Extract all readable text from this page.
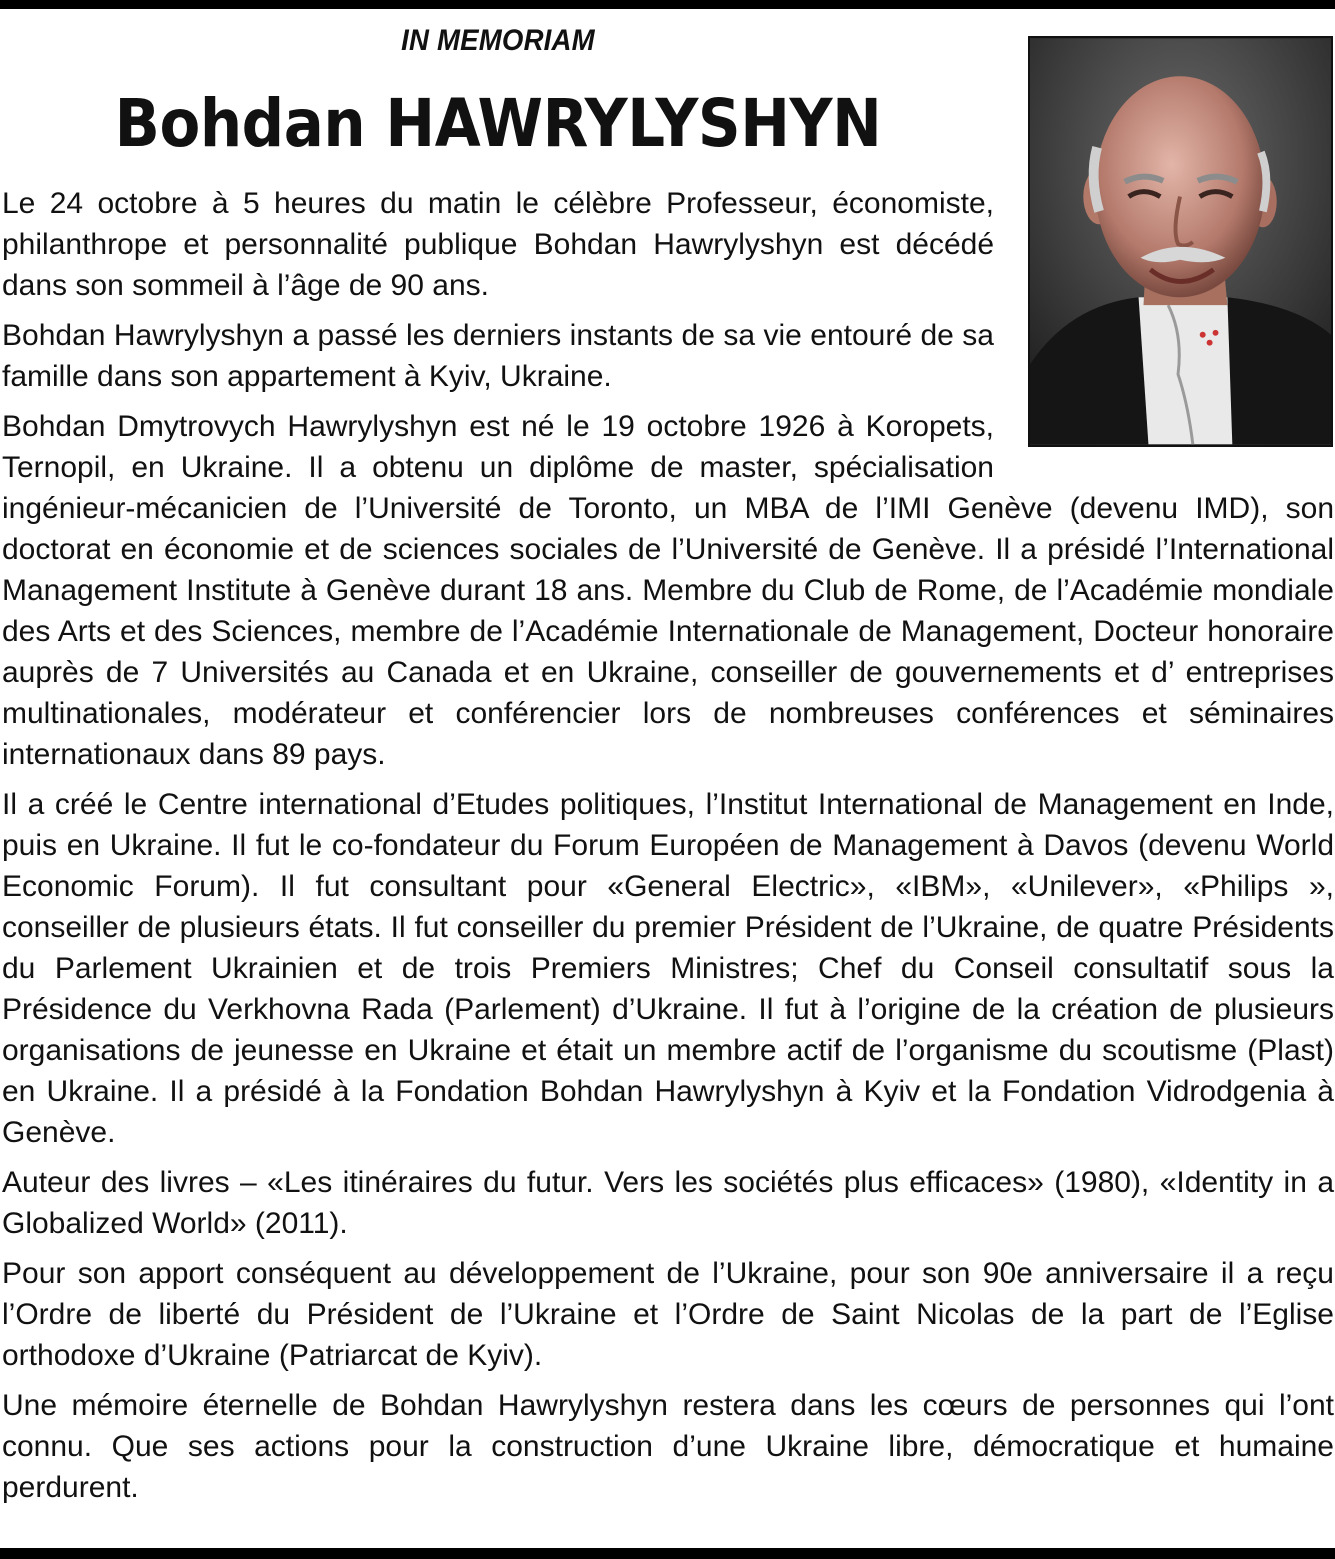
IN MEMORIAM
Bohdan HAWRYLYSHYN

Le 24 octobre à 5 heures du matin le célèbre Professeur, économiste, philanthrope et personnalité publique Bohdan Hawrylyshyn est décédé dans son sommeil à l’âge de 90 ans.

Bohdan Hawrylyshyn a passé les derniers instants de sa vie entouré de sa famille dans son appartement à Kyiv, Ukraine.

Bohdan Dmytrovych Hawrylyshyn est né le 19 octobre 1926 à Koropets, Ternopil, en Ukraine. Il a obtenu un diplôme de master, spécialisation ingénieur-mécanicien de l’Université de Toronto, un MBA de l’IMI Genève (devenu IMD), son doctorat en économie et de sciences sociales de l’Université de Genève. Il a présidé l’International Management Institute à Genève durant 18 ans. Membre du Club de Rome, de l’Académie mondiale des Arts et des Sciences, membre de l’Académie Internationale de Management, Docteur honoraire auprès de 7 Universités au Canada et en Ukraine, conseiller de gouvernements et d’ entreprises multinationales, modérateur et conférencier lors de nombreuses conférences et séminaires internationaux dans 89 pays.

Il a créé le Centre international d’Etudes politiques, l’Institut International de Management en Inde, puis en Ukraine. Il fut le co-fondateur du Forum Européen de Management à Davos (devenu World Economic Forum). Il fut consultant pour «General Electric», «IBM», «Unilever», «Philips », conseiller de plusieurs états. Il fut conseiller du premier Président de l’Ukraine, de quatre Présidents du Parlement Ukrainien et de trois Premiers Ministres; Chef du Conseil consultatif sous la Présidence du Verkhovna Rada (Parlement) d’Ukraine. Il fut à l’origine de la création de plusieurs organisations de jeunesse en Ukraine et était un membre actif de l’organisme du scoutisme (Plast) en Ukraine. Il a présidé à la Fondation Bohdan Hawrylyshyn à Kyiv et la Fondation Vidrodgenia à Genève.

Auteur des livres – «Les itinéraires du futur. Vers les sociétés plus efficaces» (1980), «Identity in a Globalized World» (2011).

Pour son apport conséquent au développement de l’Ukraine, pour son 90e anniversaire il a reçu l’Ordre de liberté du Président de l’Ukraine et l’Ordre de Saint Nicolas de la part de l’Eglise orthodoxe d’Ukraine (Patriarcat de Kyiv).

Une mémoire éternelle de Bohdan Hawrylyshyn restera dans les cœurs de personnes qui l’ont connu. Que ses actions pour la construction d’une Ukraine libre, démocratique et humaine perdurent.
